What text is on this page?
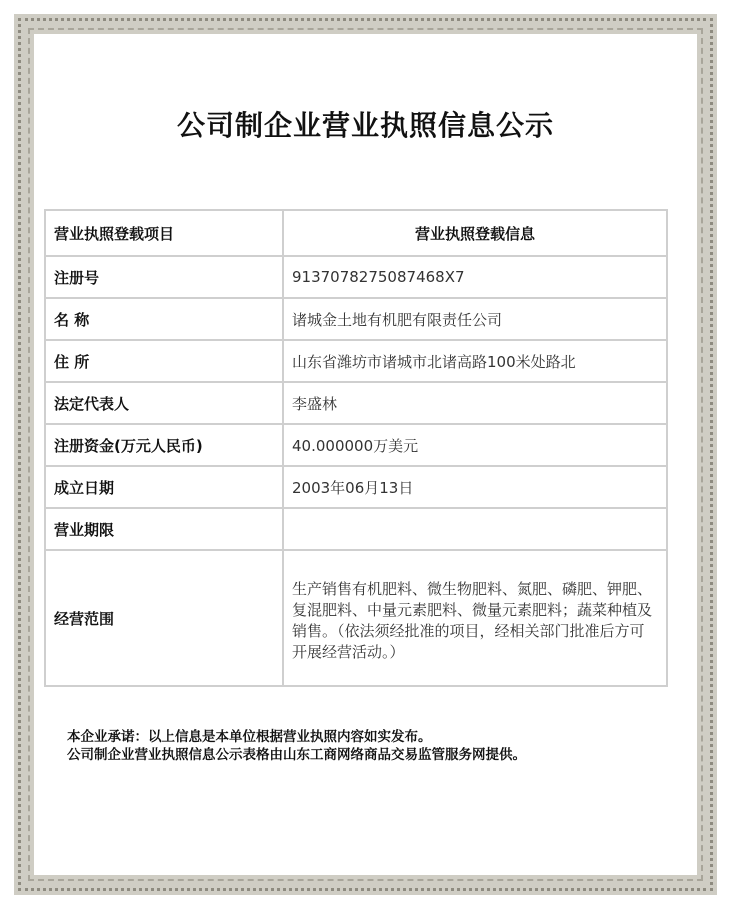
公司制企业营业执照信息公示
营业执照登载项目	营业执照登载信息
注册号	9137078275087468X7
名 称	诸城金土地有机肥有限责任公司
住 所	山东省潍坊市诸城市北诸高路100米处路北
法定代表人	李盛林
注册资金(万元人民币)	40.000000万美元
成立日期	2003年06月13日
营业期限	
经营范围	生产销售有机肥料、微生物肥料、氮肥、磷肥、钾肥、复混肥料、中量元素肥料、微量元素肥料；蔬菜种植及销售。（依法须经批准的项目，经相关部门批准后方可开展经营活动。）
本企业承诺：以上信息是本单位根据营业执照内容如实发布。
公司制企业营业执照信息公示表格由山东工商网络商品交易监管服务网提供。
